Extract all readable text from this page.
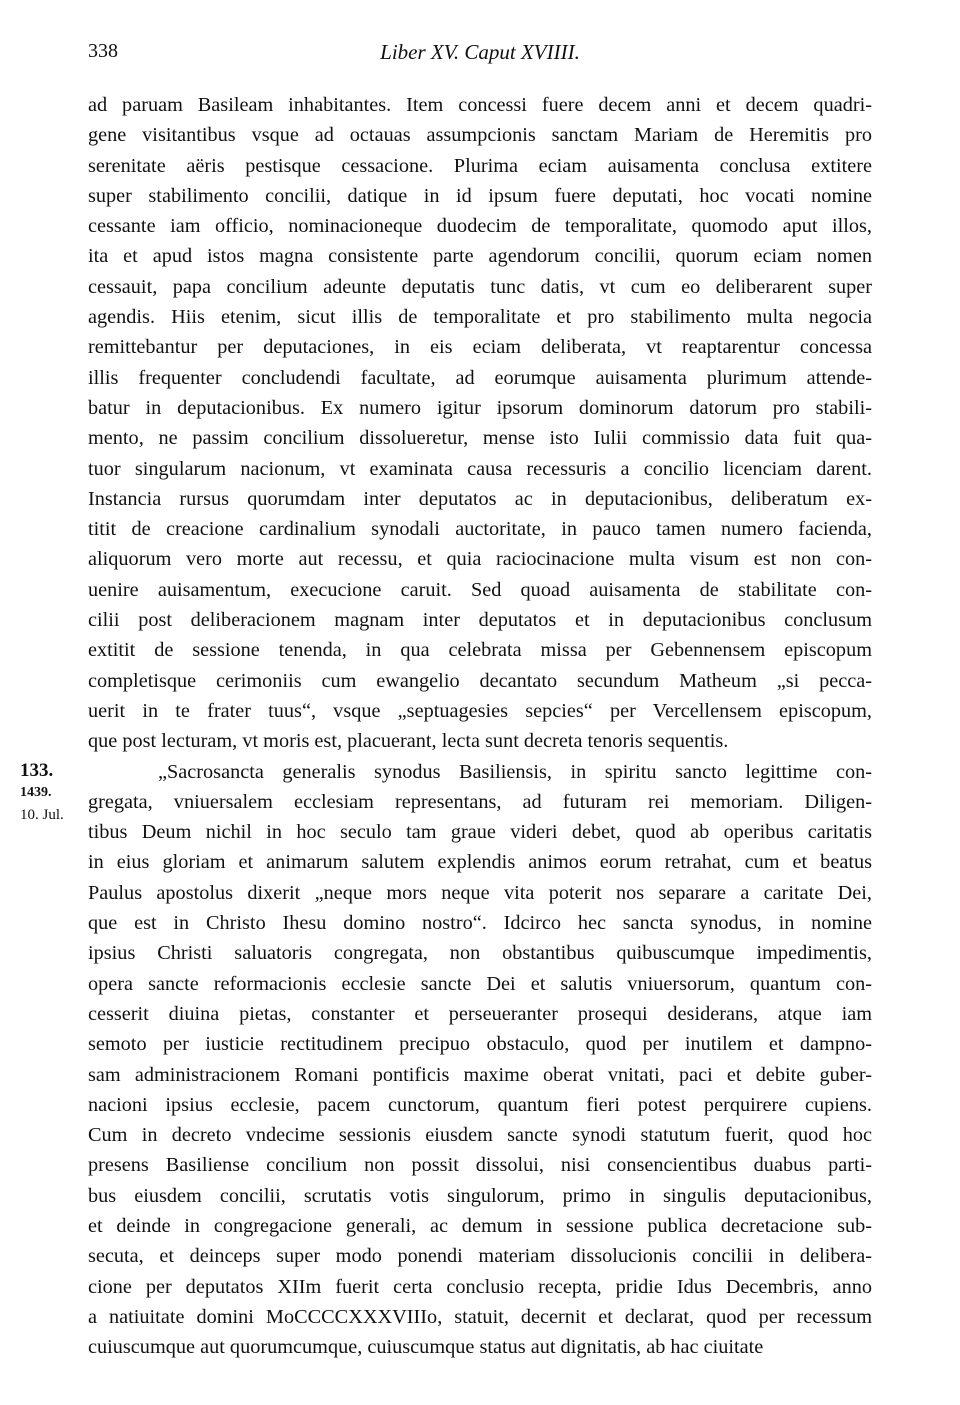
338	Liber XV. Caput XVIIII.
133.
1439.
10. Jul.
ad paruam Basileam inhabitantes. Item concessi fuere decem anni et decem quadri-
gene visitantibus vsque ad octauas assumpcionis sanctam Mariam de Heremitis pro
serenitate aëris pestisque cessacione. Plurima eciam auisamenta conclusa extitere
super stabilimento concilii, datique in id ipsum fuere deputati, hoc vocati nomine
cessante iam officio, nominacioneque duodecim de temporalitate, quomodo aput illos,
ita et apud istos magna consistente parte agendorum concilii, quorum eciam nomen
cessauit, papa concilium adeunte deputatis tunc datis, vt cum eo deliberarent super
agendis. Hiis etenim, sicut illis de temporalitate et pro stabilimento multa negocia
remittebantur per deputaciones, in eis eciam deliberata, vt reaptarentur concessa
illis frequenter concludendi facultate, ad eorumque auisamenta plurimum attende-
batur in deputacionibus. Ex numero igitur ipsorum dominorum datorum pro stabili-
mento, ne passim concilium dissolueretur, mense isto Iulii commissio data fuit qua-
tuor singularum nacionum, vt examinata causa recessuris a concilio licenciam darent.
Instancia rursus quorumdam inter deputatos ac in deputacionibus, deliberatum ex-
titit de creacione cardinalium synodali auctoritate, in pauco tamen numero facienda,
aliquorum vero morte aut recessu, et quia raciocinacione multa visum est non con-
uenire auisamentum, execucione caruit. Sed quoad auisamenta de stabilitate con-
cilii post deliberacionem magnam inter deputatos et in deputacionibus conclusum
extitit de sessione tenenda, in qua celebrata missa per Gebennensem episcopum
completisque cerimoniis cum ewangelio decantato secundum Matheum „si pecca-
uerit in te frater tuus“, vsque „septuagesies sepcies“ per Vercellensem episcopum,
que post lecturam, vt moris est, placuerant, lecta sunt decreta tenoris sequentis.
„Sacrosancta generalis synodus Basiliensis, in spiritu sancto legittime con-
gregata, vniuersalem ecclesiam representans, ad futuram rei memoriam. Diligen-
tibus Deum nichil in hoc seculo tam graue videri debet, quod ab operibus caritatis
in eius gloriam et animarum salutem explendis animos eorum retrahat, cum et beatus
Paulus apostolus dixerit „neque mors neque vita poterit nos separare a caritate Dei,
que est in Christo Ihesu domino nostro“. Idcirco hec sancta synodus, in nomine
ipsius Christi saluatoris congregata, non obstantibus quibuscumque impedimentis,
opera sancte reformacionis ecclesie sancte Dei et salutis vniuersorum, quantum con-
cesserit diuina pietas, constanter et perseueranter prosequi desiderans, atque iam
semoto per iusticie rectitudinem precipuo obstaculo, quod per inutilem et dampno-
sam administracionem Romani pontificis maxime oberat vnitati, paci et debite guber-
nacioni ipsius ecclesie, pacem cunctorum, quantum fieri potest perquirere cupiens.
Cum in decreto vndecime sessionis eiusdem sancte synodi statutum fuerit, quod hoc
presens Basiliense concilium non possit dissolui, nisi consencientibus duabus parti-
bus eiusdem concilii, scrutatis votis singulorum, primo in singulis deputacionibus,
et deinde in congregacione generali, ac demum in sessione publica decretacione sub-
secuta, et deinceps super modo ponendi materiam dissolucionis concilii in delibera-
cione per deputatos XIIm fuerit certa conclusio recepta, pridie Idus Decembris, anno
a natiuitate domini MoCCCCXXXVIIIo, statuit, decernit et declarat, quod per recessum
cuiuscumque aut quorumcumque, cuiuscumque status aut dignitatis, ab hac ciuitate
